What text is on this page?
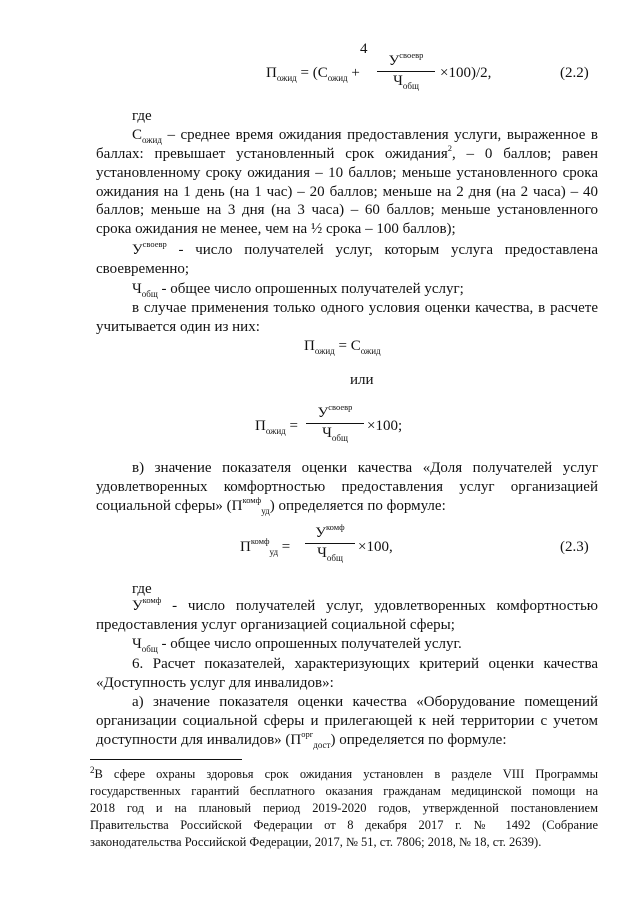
4
$П_{ожид} = (С_{ожид}$ +
$У^{своевр}$
$Ч_{общ}$
×100)/2,	(2.2)
где
$С_{ожид}$ – среднее время ожидания предоставления услуги, выраженное в
баллах: превышает установленный срок ожидания$^2$, – 0 баллов; равен
установленному сроку ожидания – 10 баллов; меньше установленного срока
ожидания на 1 день (на 1 час) – 20 баллов; меньше на 2 дня (на 2 часа) – 40
баллов; меньше на 3 дня (на 3 часа) – 60 баллов; меньше установленного
срока ожидания не менее, чем на ½ срока – 100 баллов);
$У^{своевр}$ - число получателей услуг, которым услуга предоставлена
своевременно;
$Ч_{общ}$ - общее число опрошенных получателей услуг;
в случае применения только одного условия оценки качества, в расчете
учитывается один из них:
$П_{ожид} = С_{ожид}$
или
$П_{ожид}$ =
$У^{своевр}$
$Ч_{общ}$
×100;
в) значение показателя оценки качества «Доля получателей услуг
удовлетворенных комфортностью предоставления услуг организацией
социальной сферы» $(П^{комф}_{уд})$ определяется по формуле:
$П^{комф}_{уд}$ =
$У^{комф}$
$Ч_{общ}$
×100,	(2.3)
где
$У^{комф}$ - число получателей услуг, удовлетворенных комфортностью
предоставления услуг организацией социальной сферы;
$Ч_{общ}$ - общее число опрошенных получателей услуг.
6. Расчет показателей, характеризующих критерий оценки качества
«Доступность услуг для инвалидов»:
а) значение показателя оценки качества «Оборудование помещений
организации социальной сферы и прилегающей к ней территории с учетом
доступности для инвалидов» $(П^{орг}_{дост})$ определяется по формуле:
$^2$В сфере охраны здоровья срок ожидания установлен в разделе VIII Программы
государственных гарантий бесплатного оказания гражданам медицинской помощи на
2018 год и на плановый период 2019-2020 годов, утвержденной постановлением
Правительства Российской Федерации от 8 декабря 2017 г. № 1492 (Собрание
законодательства Российской Федерации, 2017, № 51, ст. 7806; 2018, № 18, ст. 2639).
